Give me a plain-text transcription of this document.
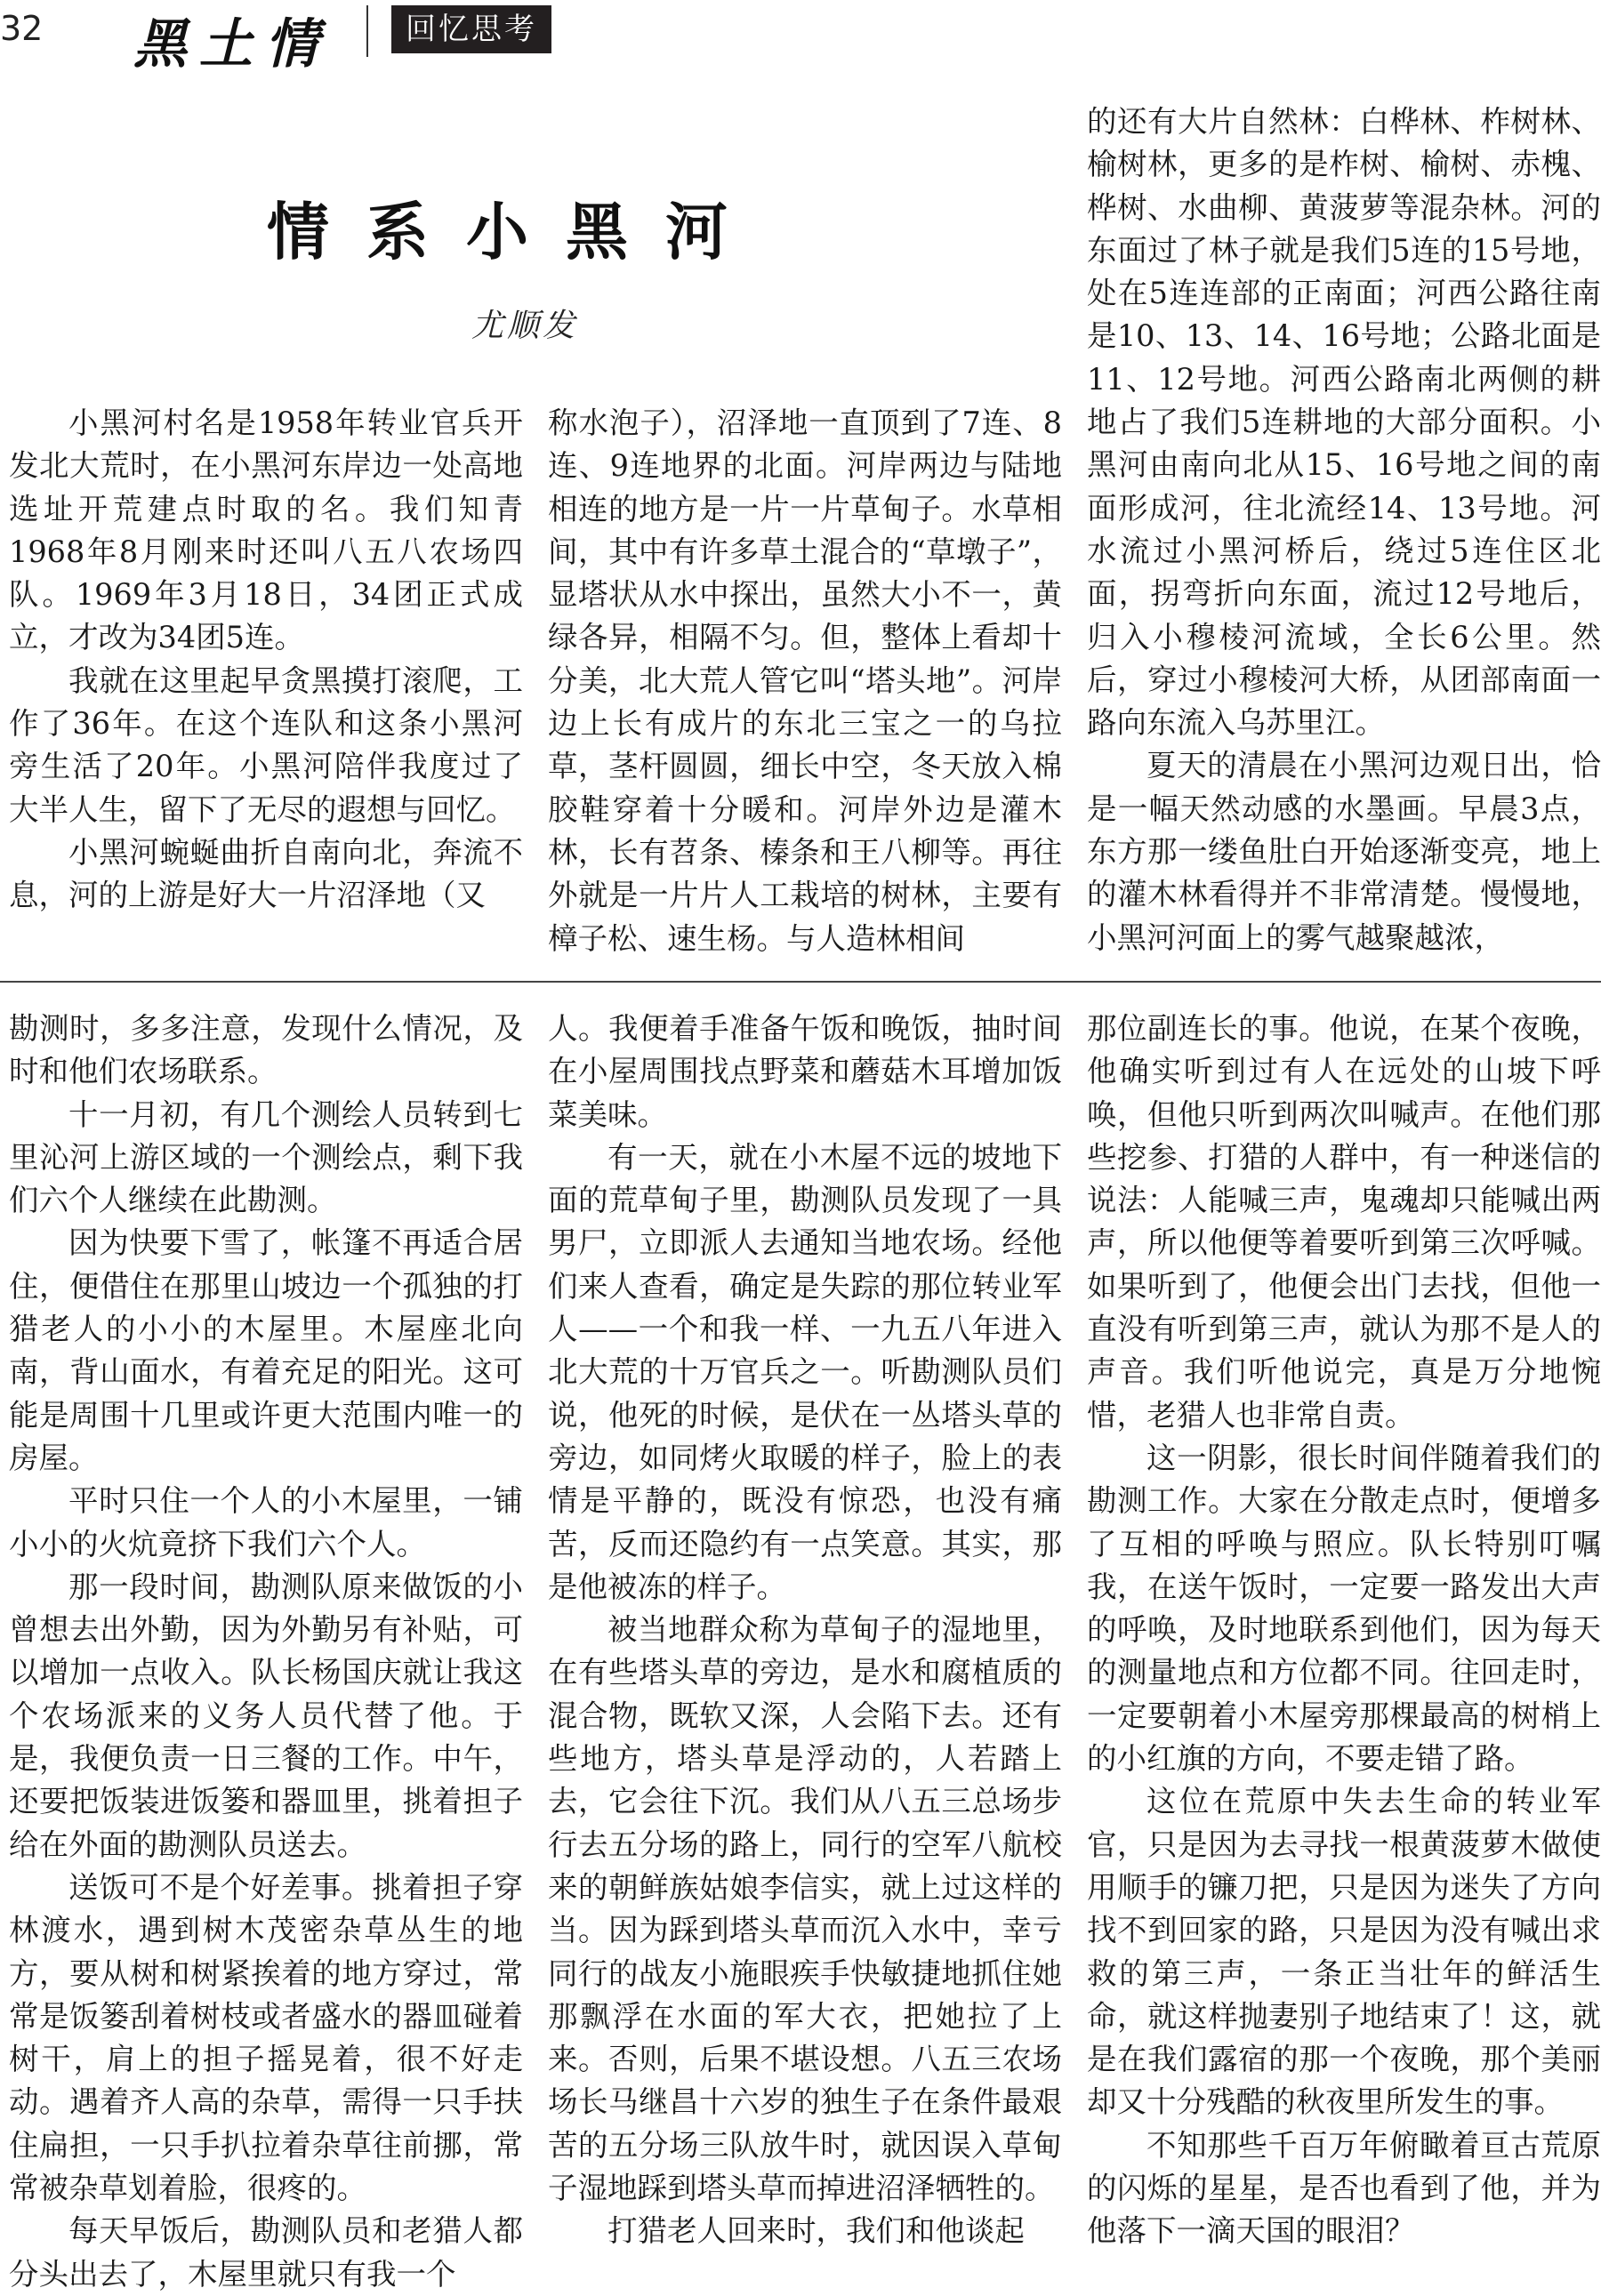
32 黑土情	回忆思考
情系小黑河
尤顺发

小黑河村名是1958年转业官兵开发北大荒时，在小黑河东岸边一处高地选址开荒建点时取的名。我们知青1968年8月刚来时还叫八五八农场四队。1969年3月18日，34团正式成立，才改为34团5连。

我就在这里起早贪黑摸打滚爬，工作了36年。在这个连队和这条小黑河旁生活了20年。小黑河陪伴我度过了大半人生，留下了无尽的遐想与回忆。

小黑河蜿蜒曲折自南向北，奔流不息，河的上游是好大一片沼泽地（又

称水泡子），沼泽地一直顶到了7连、8连、9连地界的北面。河岸两边与陆地相连的地方是一片一片草甸子。水草相间，其中有许多草土混合的“草墩子”，显塔状从水中探出，虽然大小不一，黄绿各异，相隔不匀。但，整体上看却十分美，北大荒人管它叫“塔头地”。河岸边上长有成片的东北三宝之一的乌拉草，茎杆圆圆，细长中空，冬天放入棉胶鞋穿着十分暖和。河岸外边是灌木林，长有苕条、榛条和王八柳等。再往外就是一片片人工栽培的树林，主要有樟子松、速生杨。与人造林相间

的还有大片自然林：白桦林、柞树林、榆树林，更多的是柞树、榆树、赤槐、桦树、水曲柳、黄菠萝等混杂林。河的东面过了林子就是我们5连的15号地，处在5连连部的正南面；河西公路往南是10、13、14、16号地；公路北面是11、12号地。河西公路南北两侧的耕地占了我们5连耕地的大部分面积。小黑河由南向北从15、16号地之间的南面形成河，往北流经14、13号地。河水流过小黑河桥后，绕过5连住区北面，拐弯折向东面，流过12号地后，归入小穆棱河流域，全长6公里。然后，穿过小穆棱河大桥，从团部南面一路向东流入乌苏里江。

夏天的清晨在小黑河边观日出，恰是一幅天然动感的水墨画。早晨3点，东方那一缕鱼肚白开始逐渐变亮，地上的灌木林看得并不非常清楚。慢慢地，小黑河河面上的雾气越聚越浓，

勘测时，多多注意，发现什么情况，及时和他们农场联系。

十一月初，有几个测绘人员转到七里沁河上游区域的一个测绘点，剩下我们六个人继续在此勘测。

因为快要下雪了，帐篷不再适合居住，便借住在那里山坡边一个孤独的打猎老人的小小的木屋里。木屋座北向南，背山面水，有着充足的阳光。这可能是周围十几里或许更大范围内唯一的房屋。

平时只住一个人的小木屋里，一铺小小的火炕竟挤下我们六个人。

那一段时间，勘测队原来做饭的小曾想去出外勤，因为外勤另有补贴，可以增加一点收入。队长杨国庆就让我这个农场派来的义务人员代替了他。于是，我便负责一日三餐的工作。中午，还要把饭装进饭篓和器皿里，挑着担子给在外面的勘测队员送去。

送饭可不是个好差事。挑着担子穿林渡水，遇到树木茂密杂草丛生的地方，要从树和树紧挨着的地方穿过，常常是饭篓刮着树枝或者盛水的器皿碰着树干，肩上的担子摇晃着，很不好走动。遇着齐人高的杂草，需得一只手扶住扁担，一只手扒拉着杂草往前挪，常常被杂草划着脸，很疼的。

每天早饭后，勘测队员和老猎人都分头出去了，木屋里就只有我一个

人。我便着手准备午饭和晚饭，抽时间在小屋周围找点野菜和蘑菇木耳增加饭菜美味。

有一天，就在小木屋不远的坡地下面的荒草甸子里，勘测队员发现了一具男尸，立即派人去通知当地农场。经他们来人查看，确定是失踪的那位转业军人——一个和我一样、一九五八年进入北大荒的十万官兵之一。听勘测队员们说，他死的时候，是伏在一丛塔头草的旁边，如同烤火取暖的样子，脸上的表情是平静的，既没有惊恐，也没有痛苦，反而还隐约有一点笑意。其实，那是他被冻的样子。

被当地群众称为草甸子的湿地里，在有些塔头草的旁边，是水和腐植质的混合物，既软又深，人会陷下去。还有些地方，塔头草是浮动的，人若踏上去，它会往下沉。我们从八五三总场步行去五分场的路上，同行的空军八航校来的朝鲜族姑娘李信实，就上过这样的当。因为踩到塔头草而沉入水中，幸亏同行的战友小施眼疾手快敏捷地抓住她那飘浮在水面的军大衣，把她拉了上来。否则，后果不堪设想。八五三农场场长马继昌十六岁的独生子在条件最艰苦的五分场三队放牛时，就因误入草甸子湿地踩到塔头草而掉进沼泽牺牲的。

打猎老人回来时，我们和他谈起

那位副连长的事。他说，在某个夜晚，他确实听到过有人在远处的山坡下呼唤，但他只听到两次叫喊声。在他们那些挖参、打猎的人群中，有一种迷信的说法：人能喊三声，鬼魂却只能喊出两声，所以他便等着要听到第三次呼喊。如果听到了，他便会出门去找，但他一直没有听到第三声，就认为那不是人的声音。我们听他说完，真是万分地惋惜，老猎人也非常自责。

这一阴影，很长时间伴随着我们的勘测工作。大家在分散走点时，便增多了互相的呼唤与照应。队长特别叮嘱我，在送午饭时，一定要一路发出大声的呼唤，及时地联系到他们，因为每天的测量地点和方位都不同。往回走时，一定要朝着小木屋旁那棵最高的树梢上的小红旗的方向，不要走错了路。

这位在荒原中失去生命的转业军官，只是因为去寻找一根黄菠萝木做使用顺手的镰刀把，只是因为迷失了方向找不到回家的路，只是因为没有喊出求救的第三声，一条正当壮年的鲜活生命，就这样抛妻别子地结束了！这，就是在我们露宿的那一个夜晚，那个美丽却又十分残酷的秋夜里所发生的事。

不知那些千百万年俯瞰着亘古荒原的闪烁的星星，是否也看到了他，并为他落下一滴天国的眼泪？
